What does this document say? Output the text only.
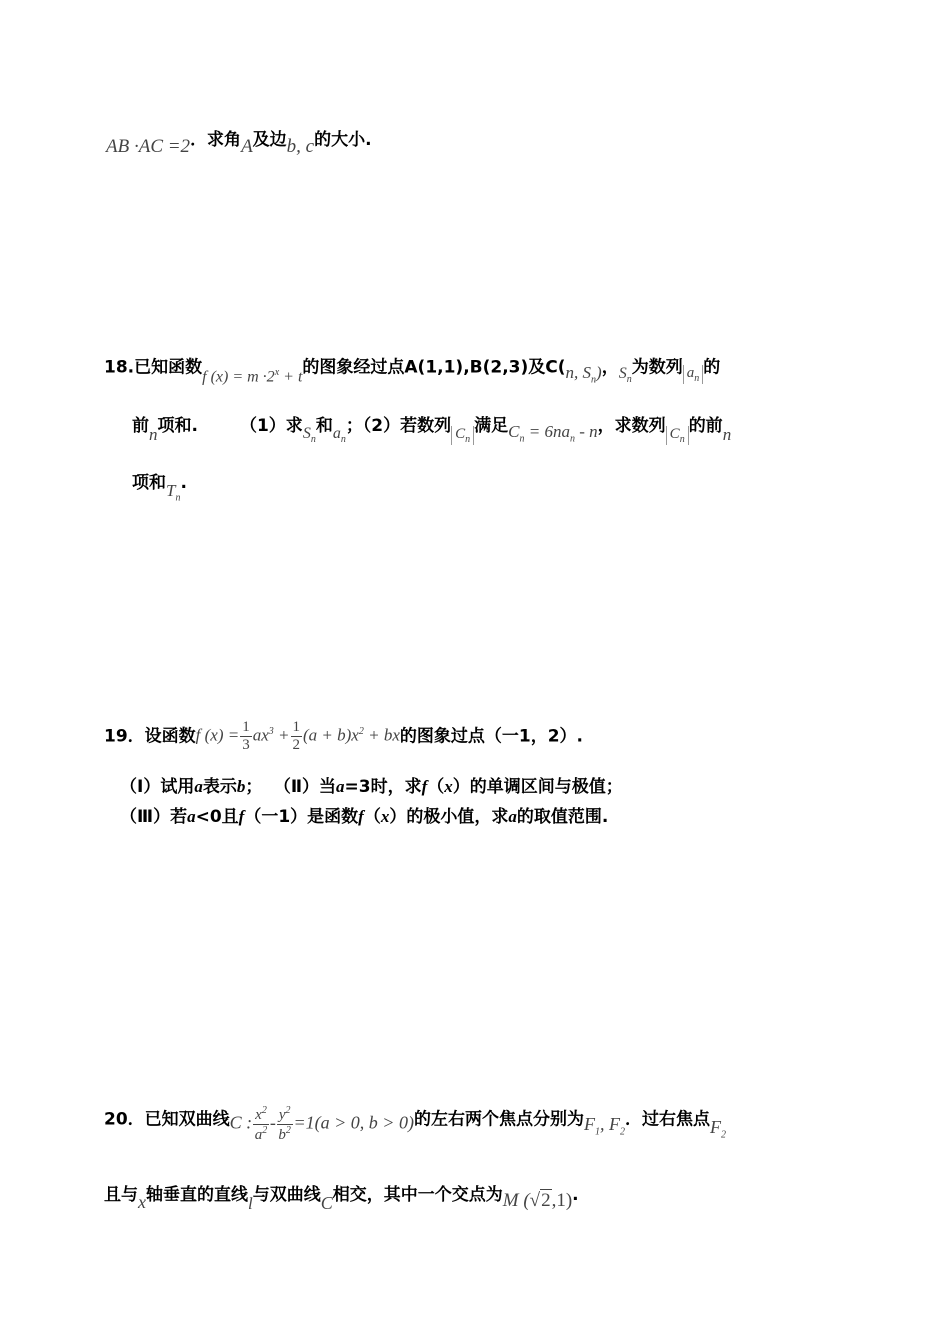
AB ·AC =2．求角A及边b, c的大小.
18.已知函数f $(x) = m \cdot 2^x + t$的图象经过点A(1,1),B(2,3)及C(n, $S_n$)，$S_n$为数列 $a_n$的
前n项和. （1）求$S_n$和$a_n$；（2）若数列 $C_n$满足$C_n = 6na_n - n$，求数列 $C_n$的前n
项和$T_n$.
19．设函数f $(x) = \frac{1}{3} ax^3 + \frac{1}{2} (a + b)x^2$ + bx的图象过点（一1，2）.
（Ⅰ）试用a表示b； （Ⅱ）当a=3时，求f（x）的单调区间与极值；
（Ⅲ）若a<0且f（一1）是函数f（x）的极小值，求a的取值范围.
20．已知双曲线C : $\frac{x^2}{a^2} - \frac{y^2}{b^2} =1(a > 0$, b > 0)的左右两个焦点分别为$F_1$, $F_2$．过右焦点$F_2$
且与x轴垂直的直线l与双曲线C相交，其中一个交点为M (√2,1).
